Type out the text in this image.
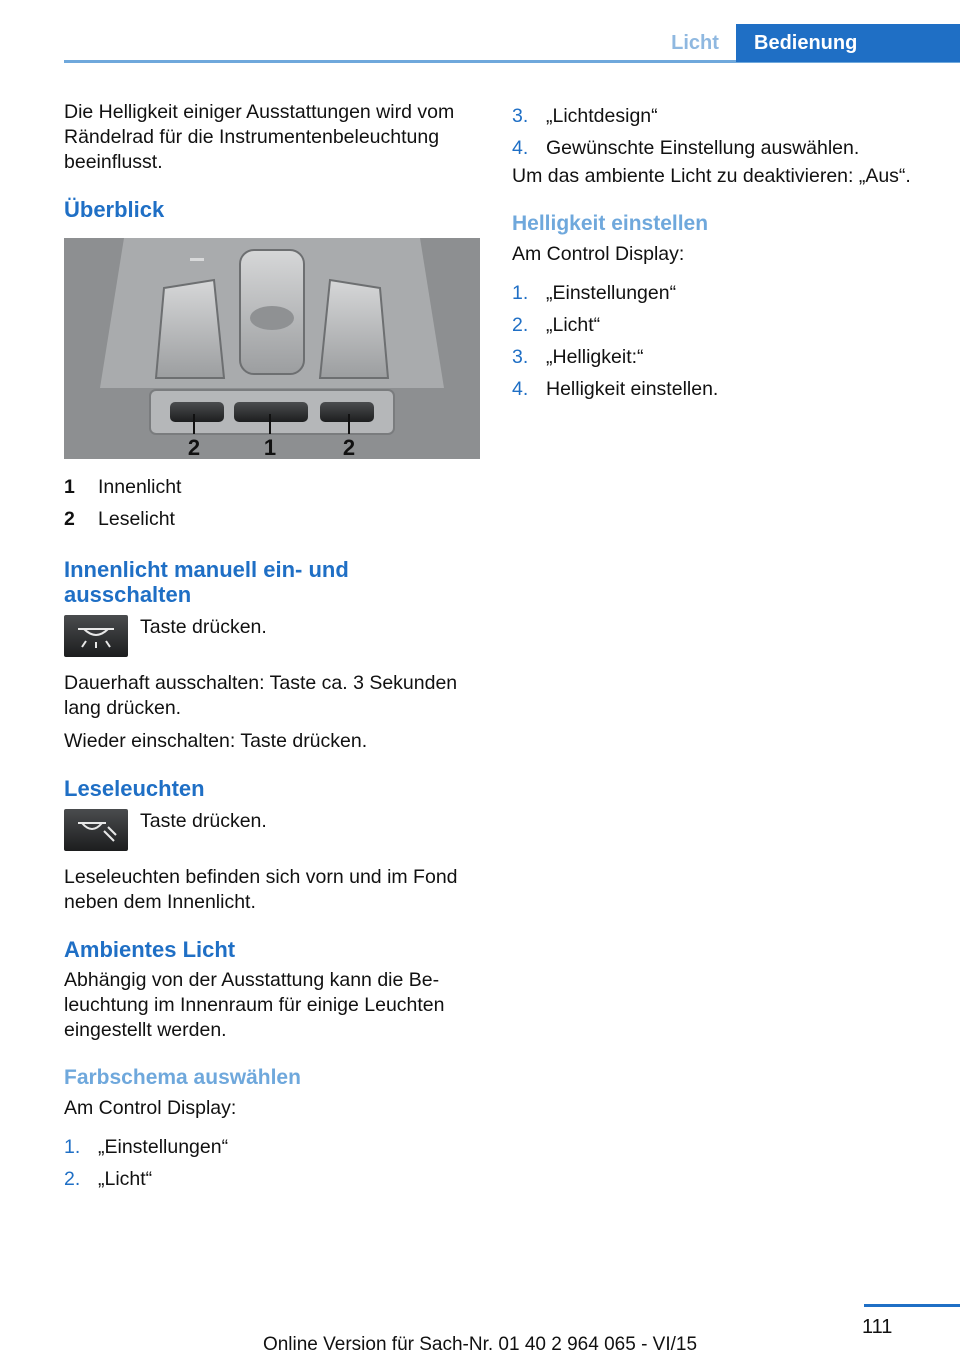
Licht	Bedienung

Die Helligkeit einiger Ausstattungen wird vom Rändelrad für die Instrumentenbeleuchtung beeinflusst.

Überblick
2	1	2
1	Innenlicht
2	Leselicht
Innenlicht manuell ein- und ausschalten

Taste drücken.

Dauerhaft ausschalten: Taste ca. 3 Sekunden lang drücken.

Wieder einschalten: Taste drücken.

Leseleuchten

Taste drücken.

Leseleuchten befinden sich vorn und im Fond neben dem Innenlicht.

Ambientes Licht

Abhängig von der Ausstattung kann die Beleuchtung im Innenraum für einige Leuchten eingestellt werden.

Farbschema auswählen

Am Control Display:

1. „Einstellungen“
2. „Licht“
3. „Lichtdesign“
4. Gewünschte Einstellung auswählen.

Um das ambiente Licht zu deaktivieren: „Aus“.

Helligkeit einstellen

Am Control Display:

1. „Einstellungen“
2. „Licht“
3. „Helligkeit:“
4. Helligkeit einstellen.
111
Online Version für Sach-Nr. 01 40 2 964 065 - VI/15
